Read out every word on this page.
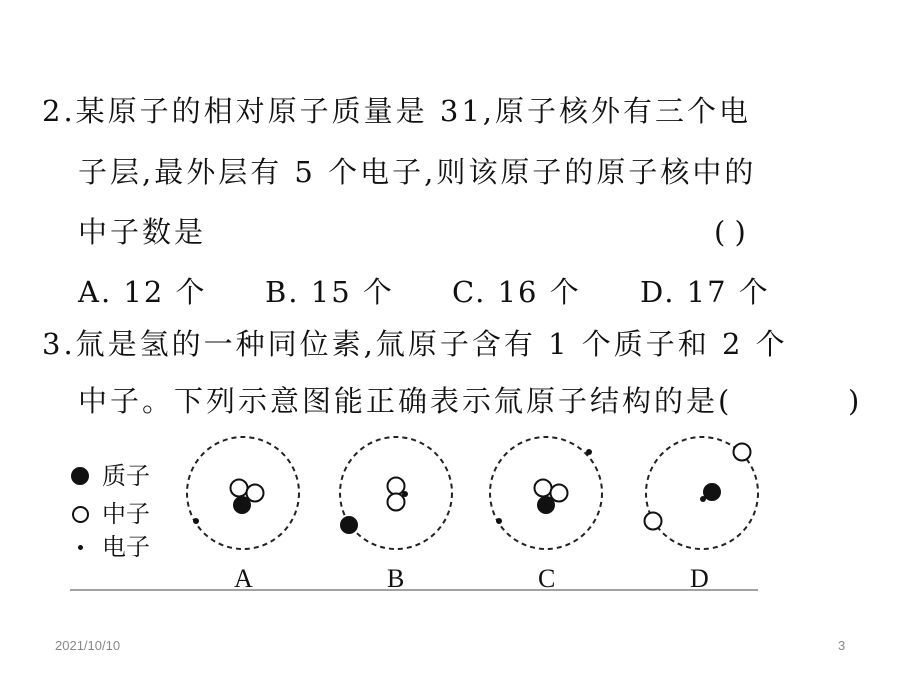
2.某原子的相对原子质量是 31,原子核外有三个电
子层,最外层有 5 个电子,则该原子的原子核中的
中子数是	( )
A. 12 个 B. 15 个 C. 16 个 D. 17 个
3.氚是氢的一种同位素,氚原子含有 1 个质子和 2 个
中子。下列示意图能正确表示氚原子结构的是(	)
质子
中子
电子
A	B	C	D
2021/10/10	3
